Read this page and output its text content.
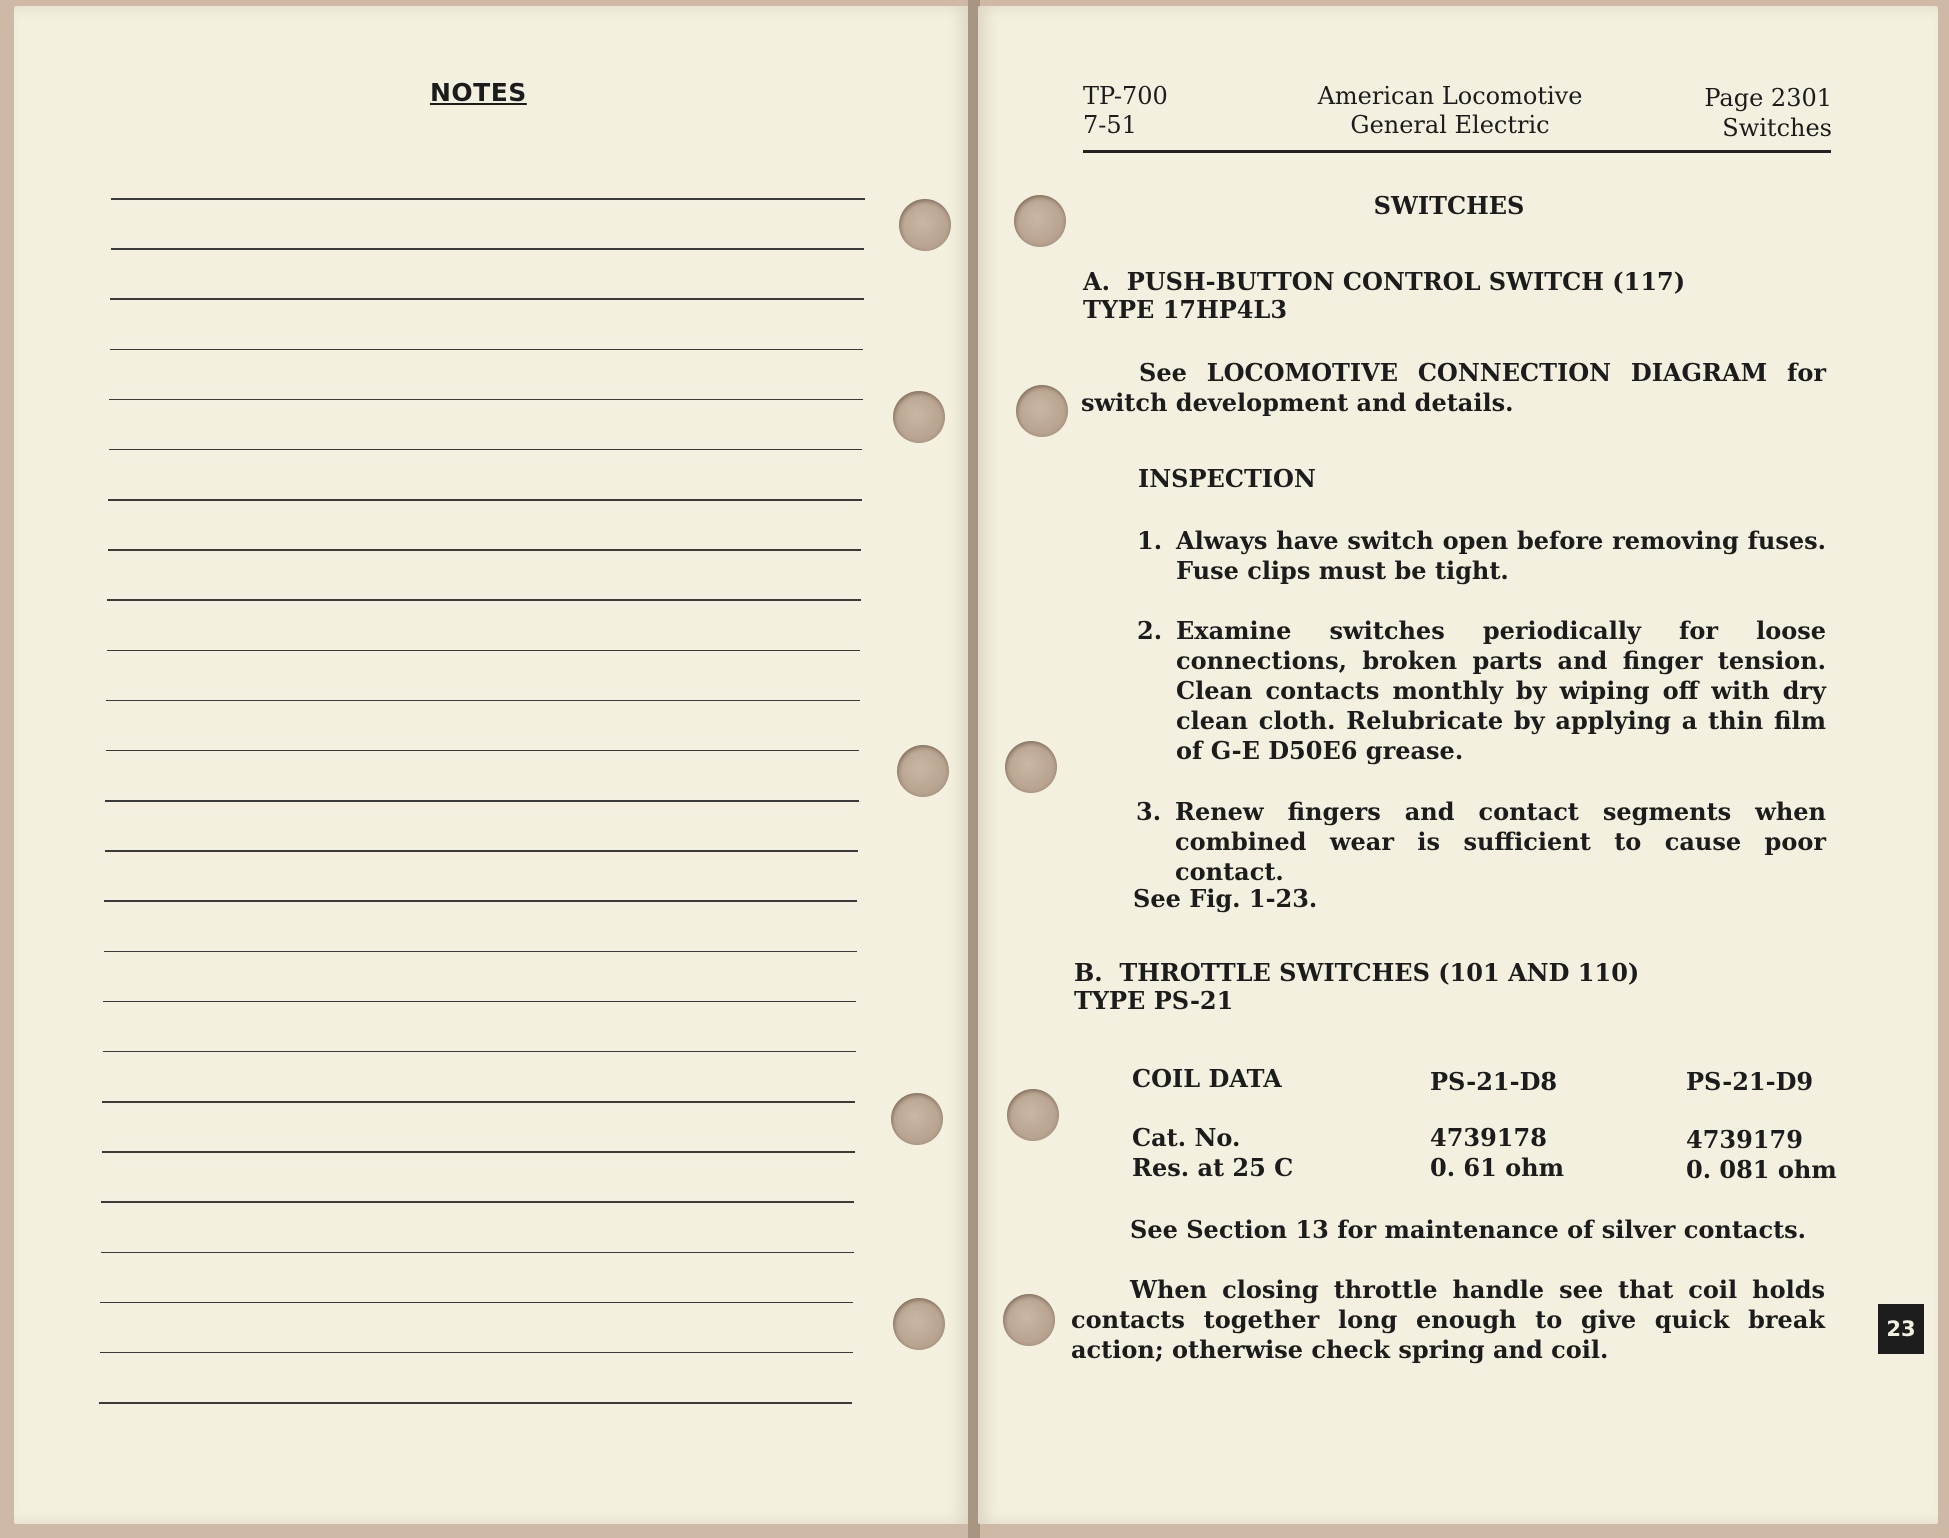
NOTES	TP-700
7-51
American Locomotive
General Electric
Page 2301
Switches
SWITCHES
A.  PUSH-BUTTON CONTROL SWITCH (117)
TYPE 17HP4L3
See LOCOMOTIVE CONNECTION DIAGRAM for switch development and details.
INSPECTION
1. Always have switch open before removing fuses. Fuse clips must be tight.
2. Examine switches periodically for loose connections, broken parts and finger tension. Clean contacts monthly by wiping off with dry clean cloth. Relubricate by applying a thin film of G-E D50E6 grease.
3. Renew fingers and contact segments when combined wear is sufficient to cause poor contact.
See Fig. 1-23.
B.  THROTTLE SWITCHES (101 AND 110)
TYPE PS-21
COIL DATA	PS-21-D8	PS-21-D9
Cat. No.	4739178	4739179
Res. at 25 C	0. 61 ohm	0. 081 ohm
See Section 13 for maintenance of silver contacts.
When closing throttle handle see that coil holds contacts together long enough to give quick break action; otherwise check spring and coil.
23
